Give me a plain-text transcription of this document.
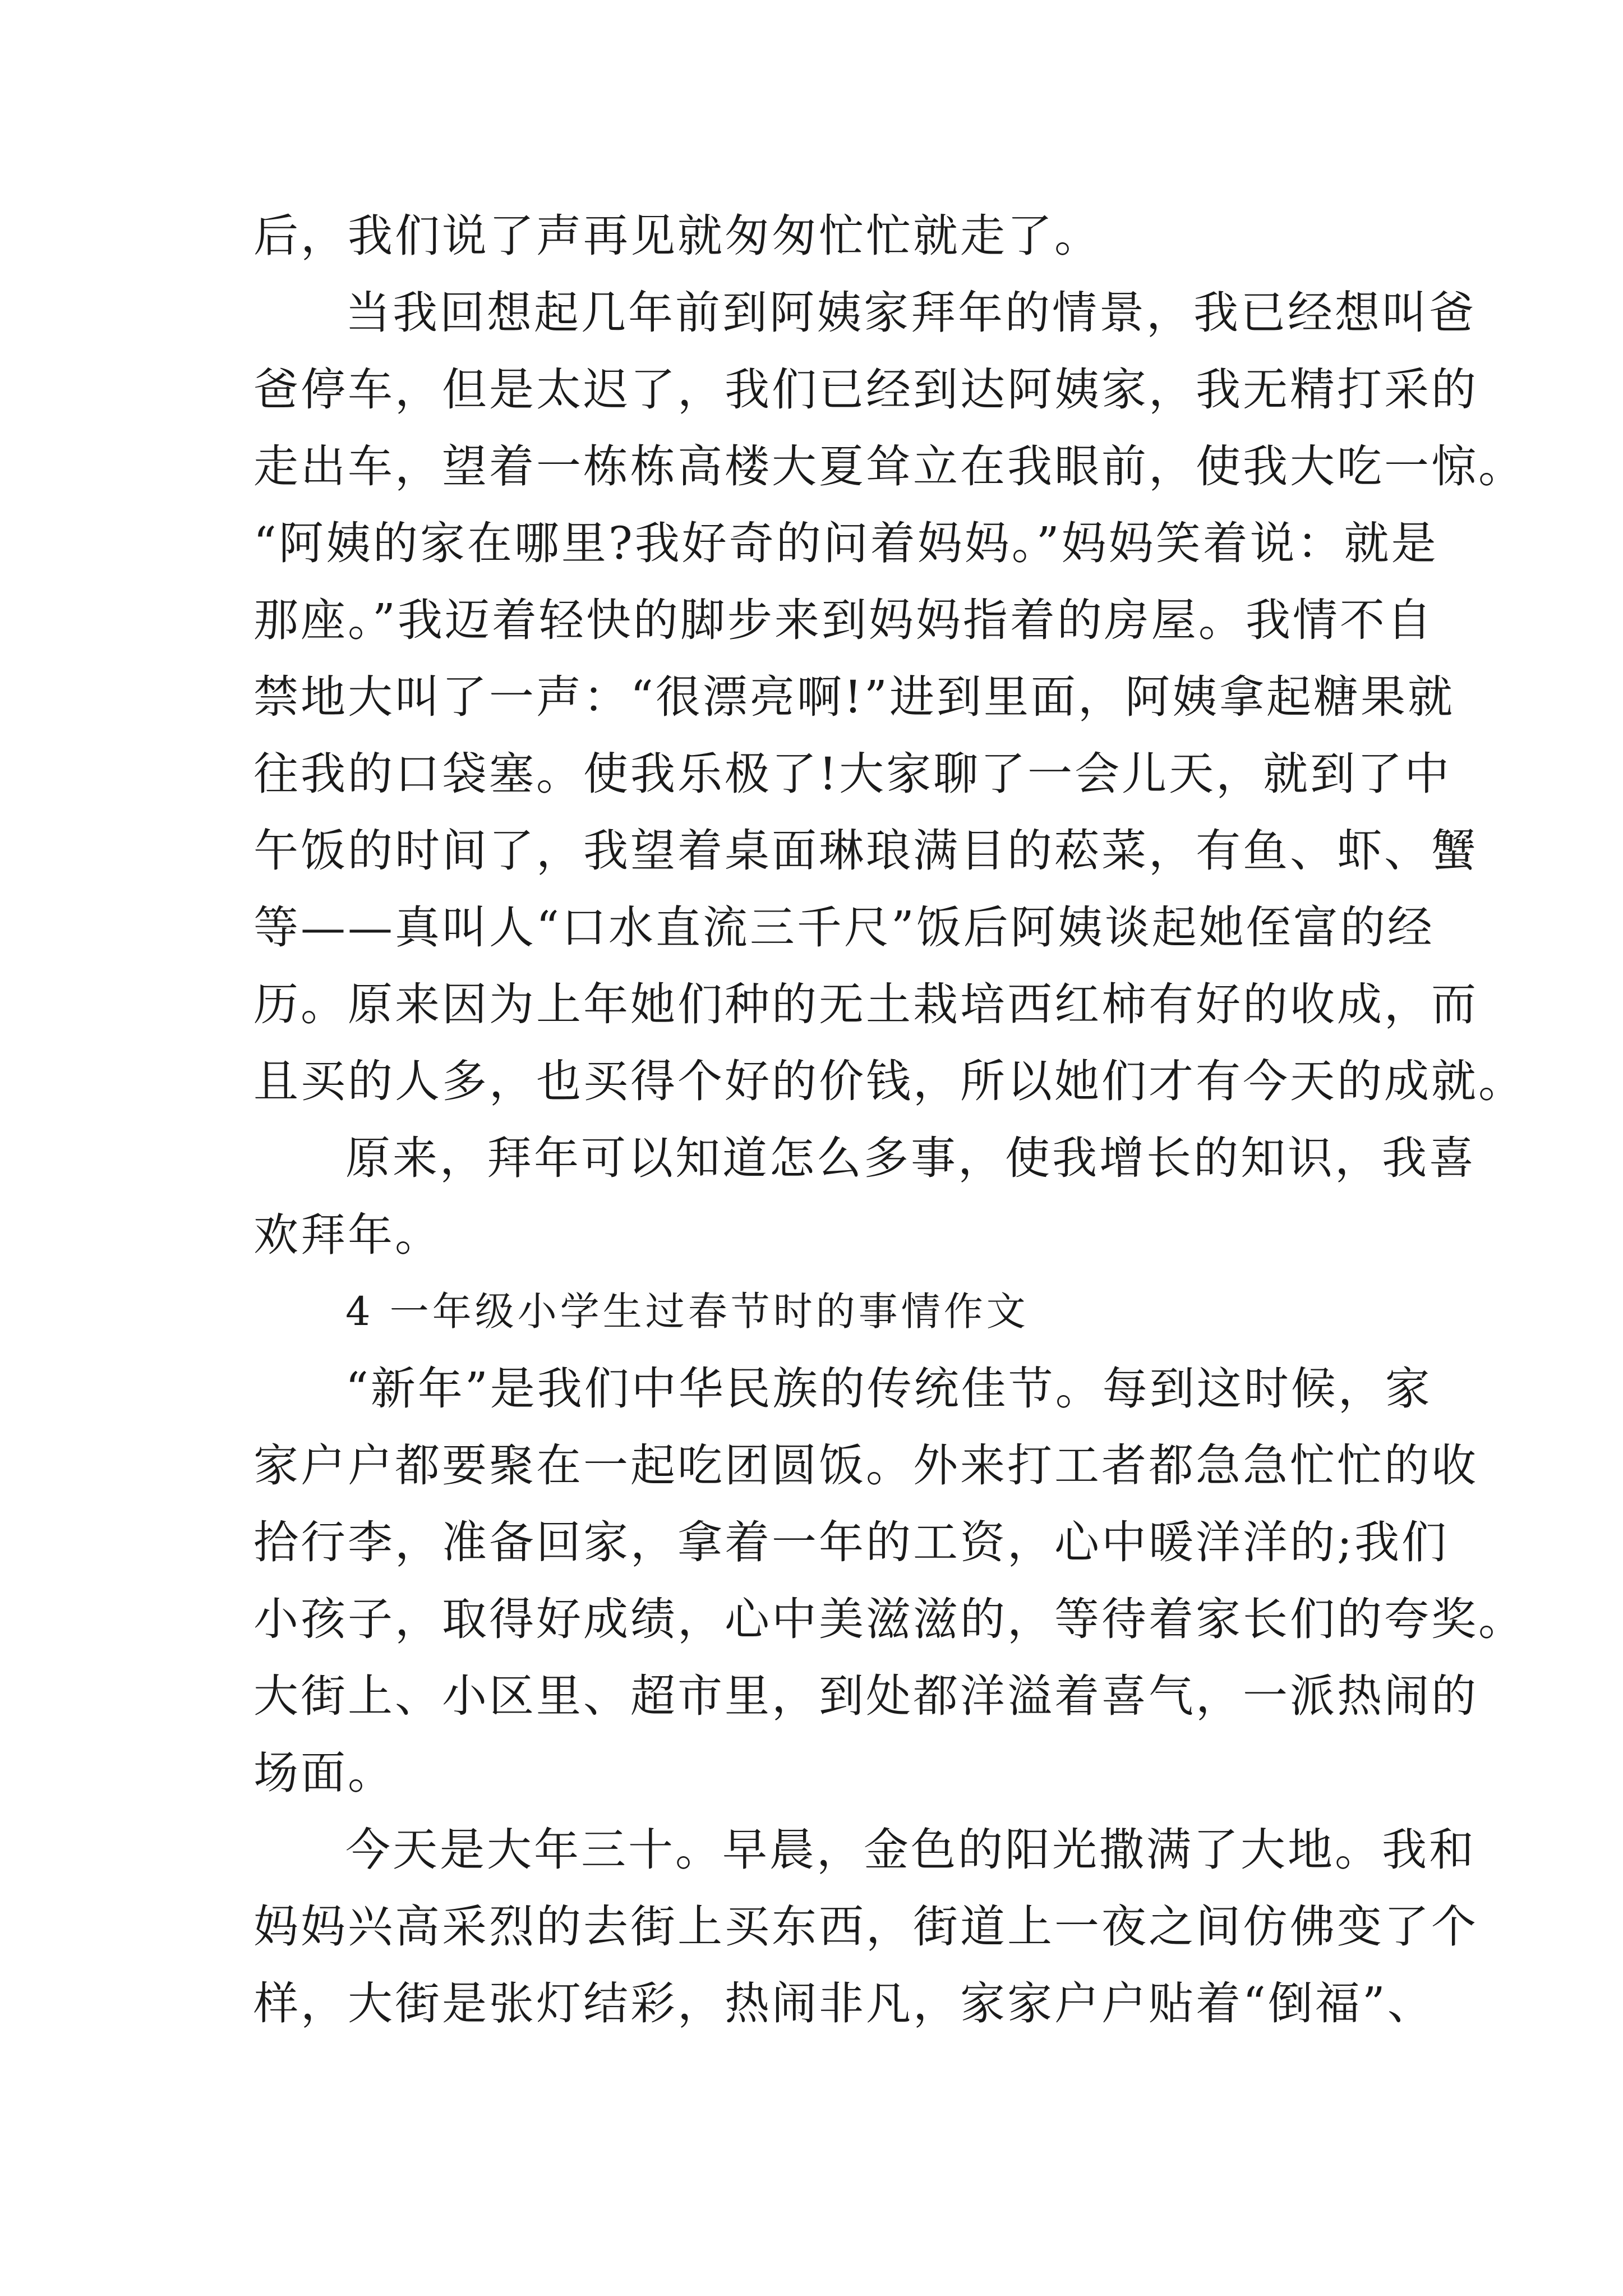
后，我们说了声再见就匆匆忙忙就走了。
当我回想起几年前到阿姨家拜年的情景，我已经想叫爸
爸停车，但是太迟了，我们已经到达阿姨家，我无精打采的
走出车，望着一栋栋高楼大夏耸立在我眼前，使我大吃一惊。
“阿姨的家在哪里?我好奇的问着妈妈。”妈妈笑着说：就是
那座。”我迈着轻快的脚步来到妈妈指着的房屋。我情不自
禁地大叫了一声：“很漂亮啊!”进到里面，阿姨拿起糖果就
往我的口袋塞。使我乐极了!大家聊了一会儿天，就到了中
午饭的时间了，我望着桌面琳琅满目的菘菜，有鱼、虾、蟹
等——真叫人“口水直流三千尺”饭后阿姨谈起她侄富的经
历。原来因为上年她们种的无土栽培西红柿有好的收成，而
且买的人多，也买得个好的价钱，所以她们才有今天的成就。
原来，拜年可以知道怎么多事，使我增长的知识，我喜
欢拜年。
4 一年级小学生过春节时的事情作文
“新年”是我们中华民族的传统佳节。每到这时候，家
家户户都要聚在一起吃团圆饭。外来打工者都急急忙忙的收
拾行李，准备回家，拿着一年的工资，心中暖洋洋的;我们
小孩子，取得好成绩，心中美滋滋的，等待着家长们的夸奖。
大街上、小区里、超市里，到处都洋溢着喜气，一派热闹的
场面。
今天是大年三十。早晨，金色的阳光撒满了大地。我和
妈妈兴高采烈的去街上买东西，街道上一夜之间仿佛变了个
样，大街是张灯结彩，热闹非凡，家家户户贴着“倒福”、
